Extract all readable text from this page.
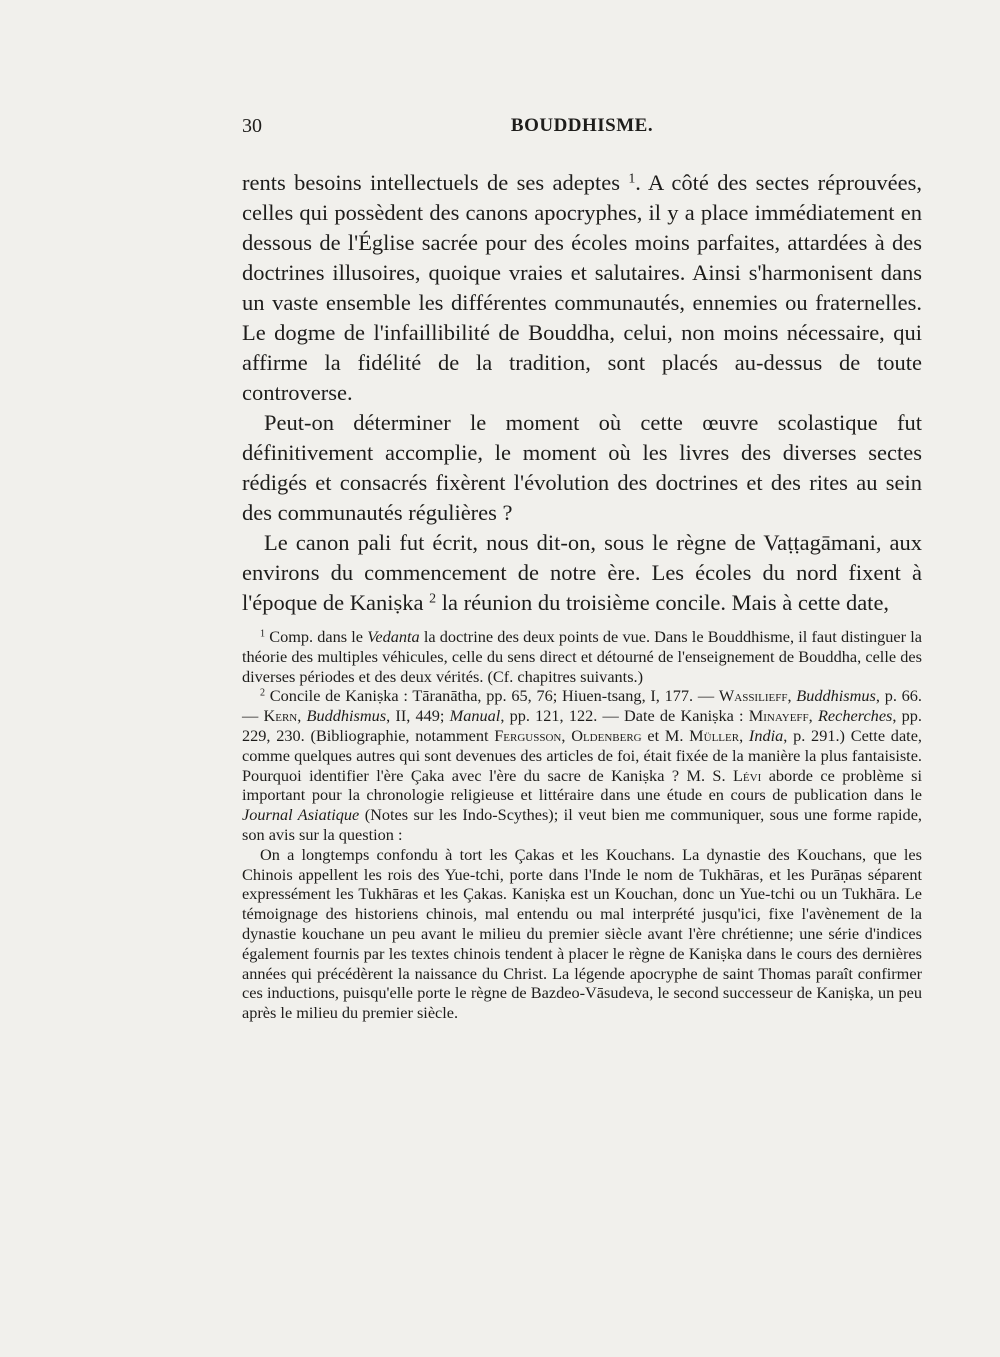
30	BOUDDHISME.

rents besoins intellectuels de ses adeptes $^1$. A côté des sectes réprouvées, celles qui possèdent des canons apocryphes, il y a place immédiatement en dessous de l'Église sacrée pour des écoles moins parfaites, attardées à des doctrines illusoires, quoique vraies et salutaires. Ainsi s'harmonisent dans un vaste ensemble les différentes communautés, ennemies ou fraternelles. Le dogme de l'infaillibilité de Bouddha, celui, non moins nécessaire, qui affirme la fidélité de la tradition, sont placés au-dessus de toute controverse.

Peut-on déterminer le moment où cette œuvre scolastique fut définitivement accomplie, le moment où les livres des diverses sectes rédigés et consacrés fixèrent l'évolution des doctrines et des rites au sein des communautés régulières ?

Le canon pali fut écrit, nous dit-on, sous le règne de Vaṭṭagāmani, aux environs du commencement de notre ère. Les écoles du nord fixent à l'époque de Kaniṣka $^2$ la réunion du troisième concile. Mais à cette date,

$^1$ Comp. dans le Vedanta la doctrine des deux points de vue. Dans le Bouddhisme, il faut distinguer la théorie des multiples véhicules, celle du sens direct et détourné de l'enseignement de Bouddha, celle des diverses périodes et des deux vérités. (Cf. chapitres suivants.)

$^2$ Concile de Kaniṣka : Tāranātha, pp. 65, 76; Hiuen-tsang, I, 177. — Wassilieff, Buddhismus, p. 66. — Kern, Buddhismus, II, 449; Manual, pp. 121, 122. — Date de Kaniṣka : Minayeff, Recherches, pp. 229, 230. (Bibliographie, notamment Fergusson, Oldenberg et M. Müller, India, p. 291.) Cette date, comme quelques autres qui sont devenues des articles de foi, était fixée de la manière la plus fantaisiste. Pourquoi identifier l'ère Çaka avec l'ère du sacre de Kaniṣka ? M. S. Lévi aborde ce problème si important pour la chronologie religieuse et littéraire dans une étude en cours de publication dans le Journal Asiatique (Notes sur les Indo-Scythes); il veut bien me communiquer, sous une forme rapide, son avis sur la question :

On a longtemps confondu à tort les Çakas et les Kouchans. La dynastie des Kouchans, que les Chinois appellent les rois des Yue-tchi, porte dans l'Inde le nom de Tukhāras, et les Purāṇas séparent expressément les Tukhāras et les Çakas. Kaniṣka est un Kouchan, donc un Yue-tchi ou un Tukhāra. Le témoignage des historiens chinois, mal entendu ou mal interprété jusqu'ici, fixe l'avènement de la dynastie kouchane un peu avant le milieu du premier siècle avant l'ère chrétienne; une série d'indices également fournis par les textes chinois tendent à placer le règne de Kaniṣka dans le cours des dernières années qui précédèrent la naissance du Christ. La légende apocryphe de saint Thomas paraît confirmer ces inductions, puisqu'elle porte le règne de Bazdeo-Vāsudeva, le second successeur de Kaniṣka, un peu après le milieu du premier siècle.
